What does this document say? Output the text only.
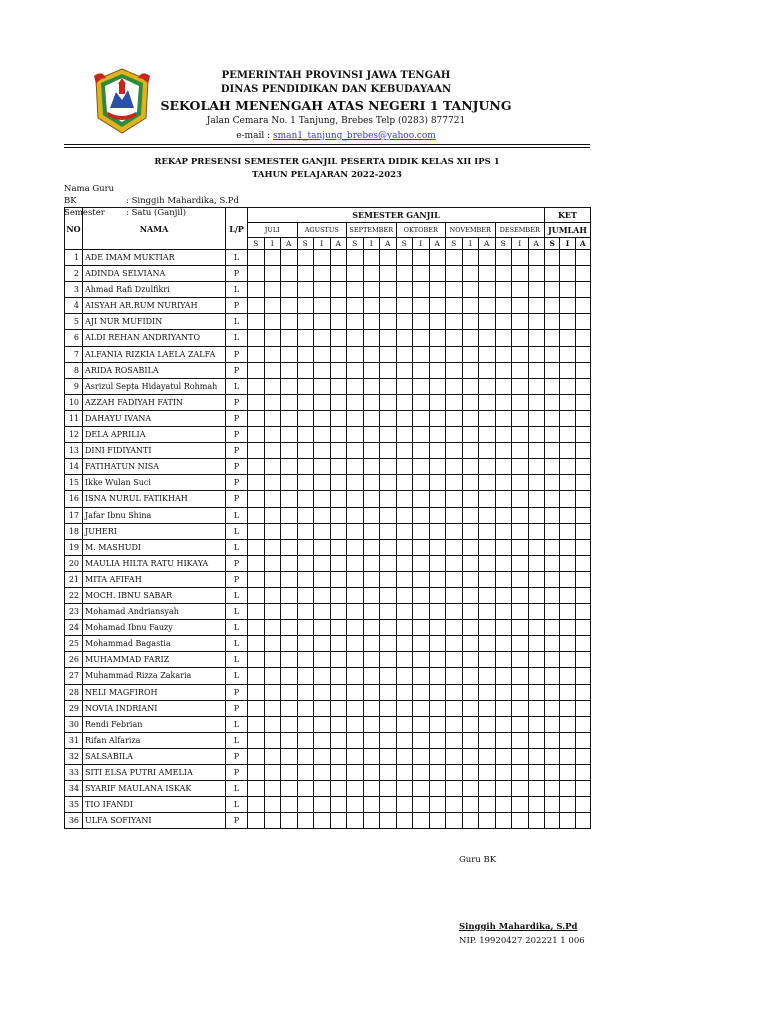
PEMERINTAH PROVINSI JAWA TENGAH
DINAS PENDIDIKAN DAN KEBUDAYAAN
SEKOLAH MENENGAH ATAS NEGERI 1 TANJUNG
Jalan Cemara No. 1 Tanjung, Brebes Telp (0283) 877721
e-mail : sman1_tanjung_brebes@yahoo.com
REKAP PRESENSI SEMESTER GANJIL PESERTA DIDIK KELAS XII IPS 1
TAHUN PELAJARAN 2022-2023
Nama Guru BK	: Singgih Mahardika, S.Pd
Semester : Satu (Ganjil)
NO	NAMA	L/P	SEMESTER GANJIL																		KET		
			JULI			AGUSTUS			SEPTEMBER			OKTOBER			NOVEMBER			DESEMBER			JUMLAH		

			S	I	A	S	I	A	S	I	A	S	I	A	S	I	A	S	I	A	S	I	A
1	ADE IMAM MUKTIAR	L																					
2	ADINDA SELVIANA	P																					
3	Ahmad Rafi Dzulfikri	L																					
4	AISYAH AR.RUM NURIYAH	P																					
5	AJI NUR MUFIDIN	L																					
6	ALDI REHAN ANDRIYANTO	L																					
7	ALFANIA RIZKIA LAELA ZALFA	P																					
8	ARIDA ROSABILA	P																					
9	Asrizul Septa Hidayatul Rohmah	L																					
10	AZZAH FADIYAH FATIN	P																					
11	DAHAYU IVANA	P																					
12	DELA APRILIA	P																					
13	DINI FIDIYANTI	P																					
14	FATIHATUN NISA	P																					
15	Ikke Wulan Suci	P																					
16	ISNA NURUL FATIKHAH	P																					
17	Jafar Ibnu Shina	L																					
18	JUHERI	L																					
19	M. MASHUDI	L																					
20	MAULIA HILTA RATU HIKAYA	P																					
21	MITA AFIFAH	P																					
22	MOCH. IBNU SABAR	L																					
23	Mohamad Andriansyah	L																					
24	Mohamad Ibnu Fauzy	L																					
25	Mohammad Bagastia	L																					
26	MUHAMMAD FARIZ	L																					
27	Muhammad Rizza Zakaria	L																					
28	NELI MAGFIROH	P																					
29	NOVIA INDRIANI	P																					
30	Rendi Febrian	L																					
31	Rifan Alfariza	L																					
32	SALSABILA	P																					
33	SITI ELSA PUTRI AMELIA	P																					
34	SYARIF MAULANA ISKAK	L																					
35	TIO IFANDI	L																					
36	ULFA SOFIYANI	P																					
Guru BK
Singgih Mahardika, S.Pd
NIP. 19920427 202221 1 006
